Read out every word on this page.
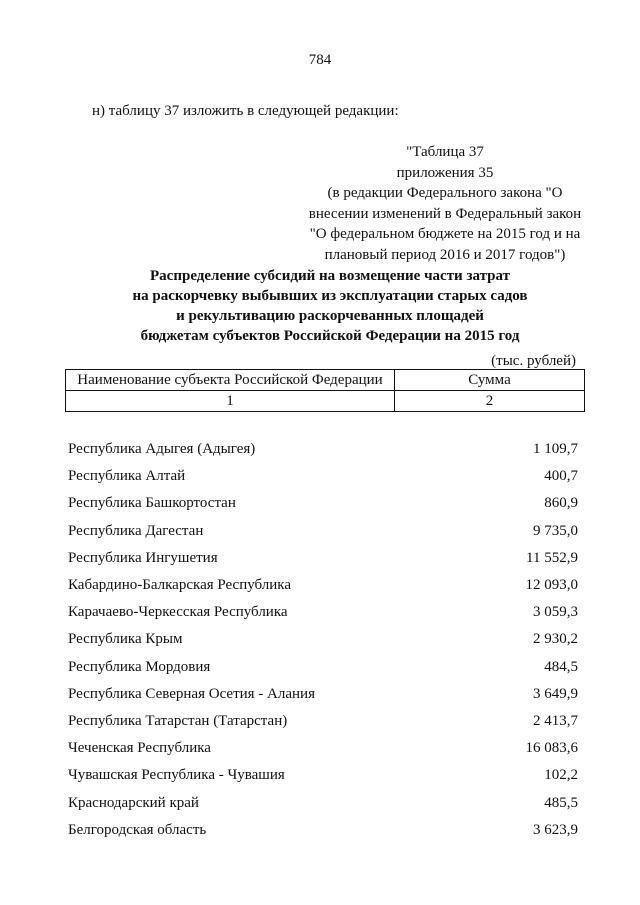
784
н) таблицу 37 изложить в следующей редакции:
"Таблица 37
приложения 35
(в редакции Федерального закона "О
внесении изменений в Федеральный закон
"О федеральном бюджете на 2015 год и на
плановый период 2016 и 2017 годов")
Распределение субсидий на возмещение части затрат
на раскорчевку выбывших из эксплуатации старых садов
и рекультивацию раскорчеванных площадей
бюджетам субъектов Российской Федерации на 2015 год
(тыс. рублей)
Наименование субъекта Российской Федерации	Сумма
1	2
Республика Адыгея (Адыгея)	1 109,7
Республика Алтай	400,7
Республика Башкортостан	860,9
Республика Дагестан	9 735,0
Республика Ингушетия	11 552,9
Кабардино-Балкарская Республика	12 093,0
Карачаево-Черкесская Республика	3 059,3
Республика Крым	2 930,2
Республика Мордовия	484,5
Республика Северная Осетия - Алания	3 649,9
Республика Татарстан (Татарстан)	2 413,7
Чеченская Республика	16 083,6
Чувашская Республика - Чувашия	102,2
Краснодарский край	485,5
Белгородская область	3 623,9
